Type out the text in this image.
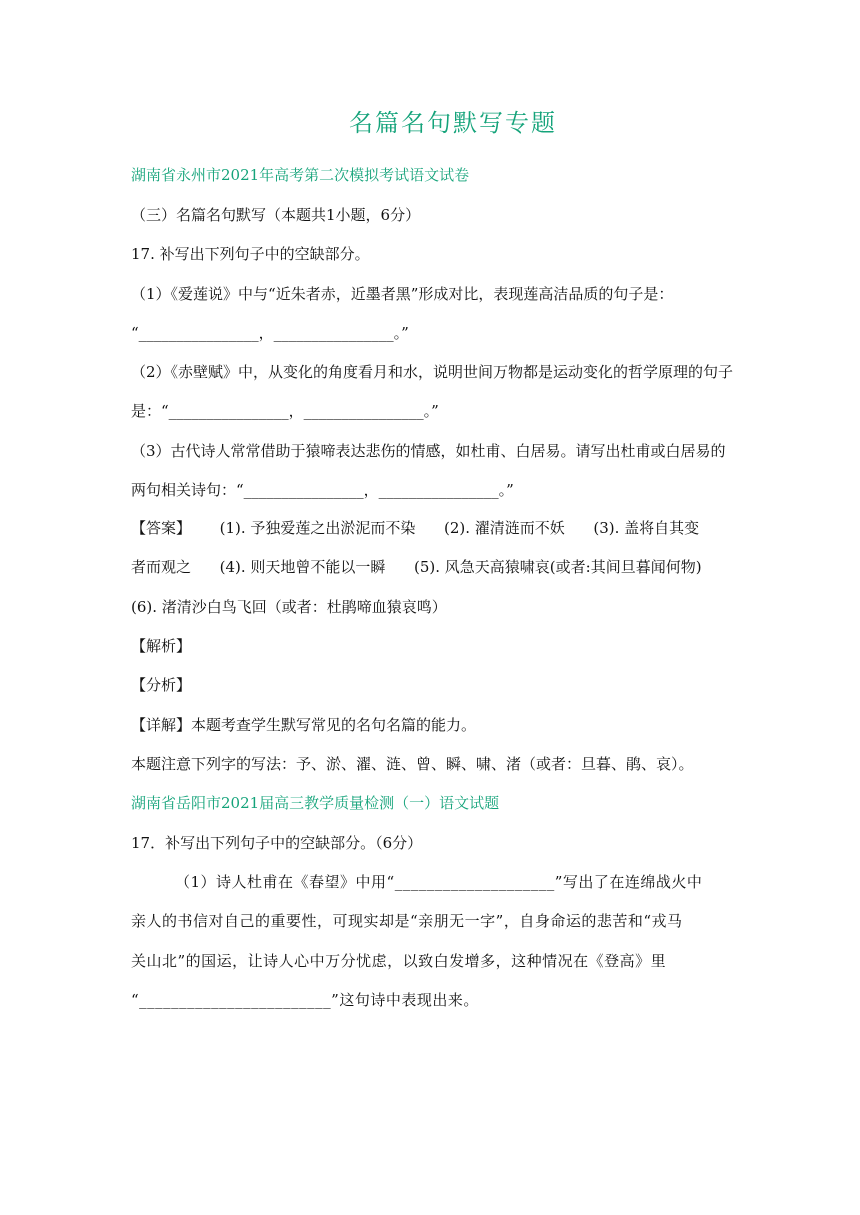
名篇名句默写专题
湖南省永州市2021年高考第二次模拟考试语文试卷
（三）名篇名句默写（本题共1小题，6分）
17. 补写出下列句子中的空缺部分。
（1）《爱莲说》中与“近朱者赤，近墨者黑”形成对比，表现莲高洁品质的句子是：
“________________，________________。”
（2）《赤壁赋》中，从变化的角度看月和水，说明世间万物都是运动变化的哲学原理的句子
是：“________________，________________。”
（3）古代诗人常常借助于猿啼表达悲伤的情感，如杜甫、白居易。请写出杜甫或白居易的
两句相关诗句：“________________，________________。”
【答案】      (1). 予独爱莲之出淤泥而不染      (2). 濯清涟而不妖      (3). 盖将自其变
者而观之      (4). 则天地曾不能以一瞬      (5). 风急天高猿啸哀(或者:其间旦暮闻何物)
(6). 渚清沙白鸟飞回（或者：杜鹃啼血猿哀鸣）
【解析】
【分析】
【详解】本题考查学生默写常见的名句名篇的能力。
本题注意下列字的写法：予、淤、濯、涟、曾、瞬、啸、渚（或者：旦暮、鹃、哀）。
湖南省岳阳市2021届高三教学质量检测（一）语文试题
17．补写出下列句子中的空缺部分。（6分）
（1）诗人杜甫在《春望》中用“____________________”写出了在连绵战火中
亲人的书信对自己的重要性，可现实却是“亲朋无一字”，自身命运的悲苦和“戎马
关山北”的国运，让诗人心中万分忧虑，以致白发增多，这种情况在《登高》里
“________________________”这句诗中表现出来。
